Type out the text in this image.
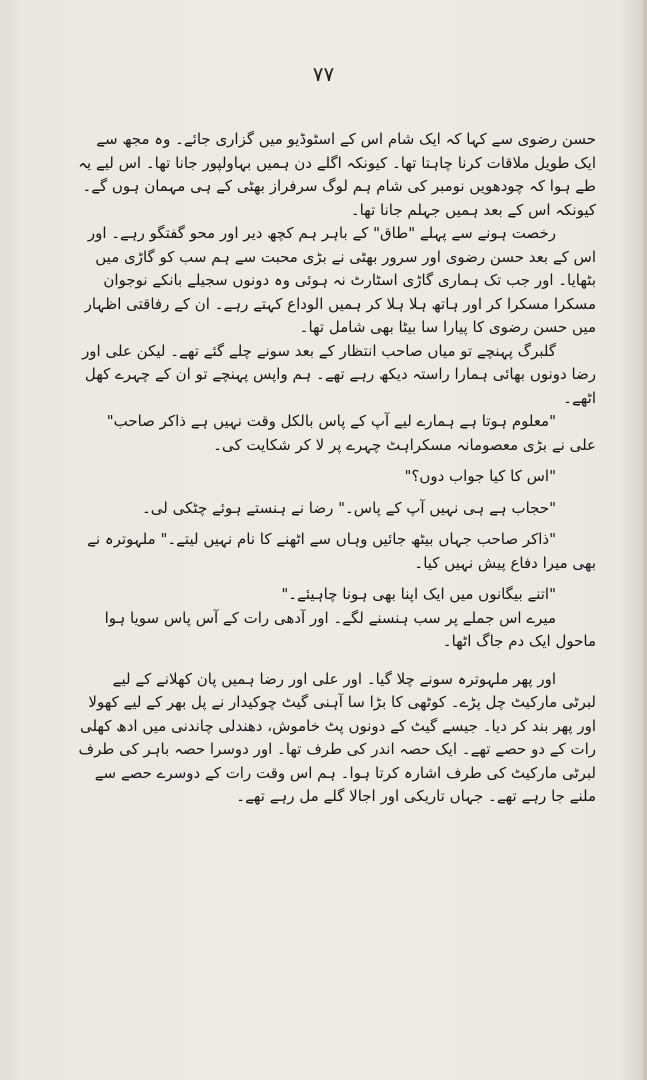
۷۷

حسن رضوی سے کہا کہ ایک شام اس کے اسٹوڈیو میں گزاری جائے۔ وہ مجھ سے ایک طویل ملاقات کرنا چاہتا تھا۔ کیونکہ اگلے دن ہمیں بہاولپور جانا تھا۔ اس لیے یہ طے ہوا کہ چودھویں نومبر کی شام ہم لوگ سرفراز بھٹی کے ہی مہمان ہوں گے۔ کیونکہ اس کے بعد ہمیں جہلم جانا تھا۔

رخصت ہونے سے پہلے "طاق" کے باہر ہم کچھ دیر اور محو گفتگو رہے۔ اور اس کے بعد حسن رضوی اور سرور بھٹی نے بڑی محبت سے ہم سب کو گاڑی میں بٹھایا۔ اور جب تک ہماری گاڑی اسٹارٹ نہ ہوئی وہ دونوں سجیلے بانکے نوجوان مسکرا مسکرا کر اور ہاتھ ہلا ہلا کر ہمیں الوداع کہتے رہے۔ ان کے رفاقتی اظہار میں حسن رضوی کا پیارا سا بیٹا بھی شامل تھا۔

گلبرگ پہنچے تو میاں صاحب انتظار کے بعد سونے چلے گئے تھے۔ لیکن علی اور رضا دونوں بھائی ہمارا راستہ دیکھ رہے تھے۔ ہم واپس پہنچے تو ان کے چہرے کھل اٹھے۔

"معلوم ہوتا ہے ہمارے لیے آپ کے پاس بالکل وقت نہیں ہے ذاکر صاحب" علی نے بڑی معصومانہ مسکراہٹ چہرے پر لا کر شکایت کی۔

"اس کا کیا جواب دوں؟"

"حجاب ہے ہی نہیں آپ کے پاس۔" رضا نے ہنستے ہوئے چٹکی لی۔

"ذاکر صاحب جہاں بیٹھ جائیں وہاں سے اٹھنے کا نام نہیں لیتے۔" ملہوترہ نے بھی میرا دفاع پیش نہیں کیا۔

"اتنے بیگانوں میں ایک اپنا بھی ہونا چاہیئے۔"

میرے اس جملے پر سب ہنسنے لگے۔ اور آدھی رات کے آس پاس سویا ہوا ماحول ایک دم جاگ اٹھا۔

اور پھر ملہوترہ سونے چلا گیا۔ اور علی اور رضا ہمیں پان کھلانے کے لیے لبرٹی مارکیٹ چل پڑے۔ کوٹھی کا بڑا سا آہنی گیٹ چوکیدار نے پل بھر کے لیے کھولا اور پھر بند کر دیا۔ جیسے گیٹ کے دونوں پٹ خاموش، دھندلی چاندنی میں ادھ کھلی رات کے دو حصے تھے۔ ایک حصہ اندر کی طرف تھا۔ اور دوسرا حصہ باہر کی طرف لبرٹی مارکیٹ کی طرف اشارہ کرتا ہوا۔ ہم اس وقت رات کے دوسرے حصے سے ملنے جا رہے تھے۔ جہاں تاریکی اور اجالا گلے مل رہے تھے۔
